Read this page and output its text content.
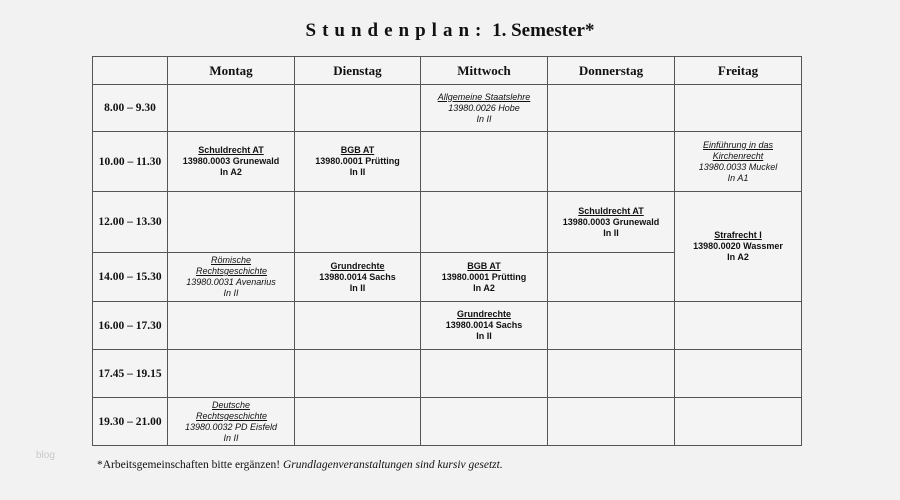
Stundenplan: 1. Semester*
	Montag	Dienstag	Mittwoch	Donnerstag	Freitag
8.00 – 9.30			Allgemeine Staatslehre
13980.0026 Hobe
In II		

10.00 – 11.30	Schuldrecht AT
13980.0003 Grunewald
In A2	BGB AT
13980.0001 Prütting
In II			Einführung in das Kirchenrecht
13980.0033 Muckel
In A1

12.00 – 13.30				Schuldrecht AT
13980.0003 Grunewald
In II	Strafrecht I
13980.0020 Wassmer
In A2

14.00 – 15.30	Römische Rechtsgeschichte
13980.0031 Avenarius
In II	Grundrechte
13980.0014 Sachs
In II	BGB AT
13980.0001 Prütting
In A2		

16.00 – 17.30			Grundrechte
13980.0014 Sachs
In II		

17.45 – 19.15					
19.30 – 21.00	Deutsche Rechtsgeschichte
13980.0032 PD Eisfeld
In II				

blog
*Arbeitsgemeinschaften bitte ergänzen! Grundlagenveranstaltungen sind kursiv gesetzt.
